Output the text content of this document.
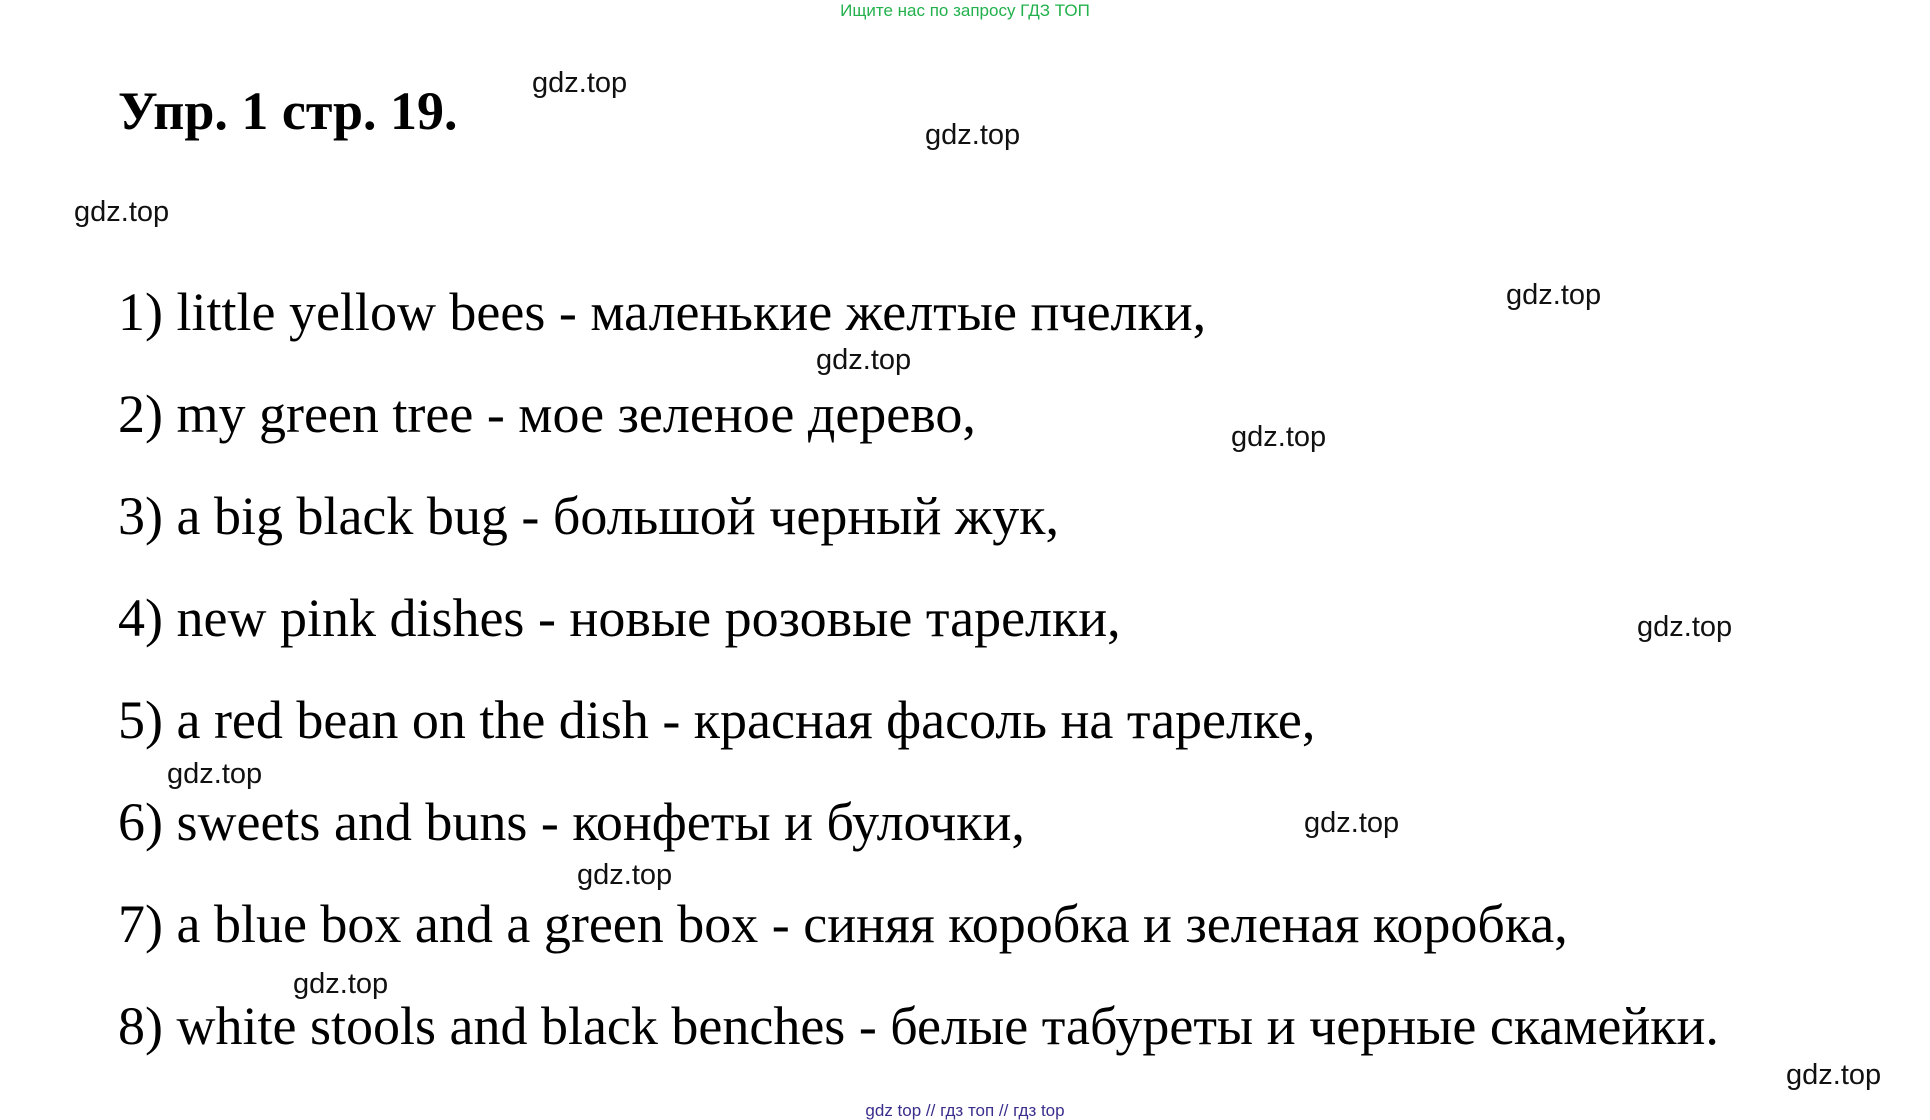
Ищите нас по запросу ГДЗ ТОП
Упр. 1 стр. 19.
1) little yellow bees - маленькие желтые пчелки,
2) my green tree - мое зеленое дерево,
3) a big black bug - большой черный жук,
4) new pink dishes - новые розовые тарелки,
5) a red bean on the dish - красная фасоль на тарелке,
6) sweets and buns - конфеты и булочки,
7) a blue box and a green box - синяя коробка и зеленая коробка,
8) white stools and black benches - белые табуреты и черные скамейки.
gdz.top
gdz.top
gdz.top
gdz.top
gdz.top
gdz.top
gdz.top
gdz.top
gdz.top
gdz.top
gdz.top
gdz.top
gdz top // гдз топ // гдз top
